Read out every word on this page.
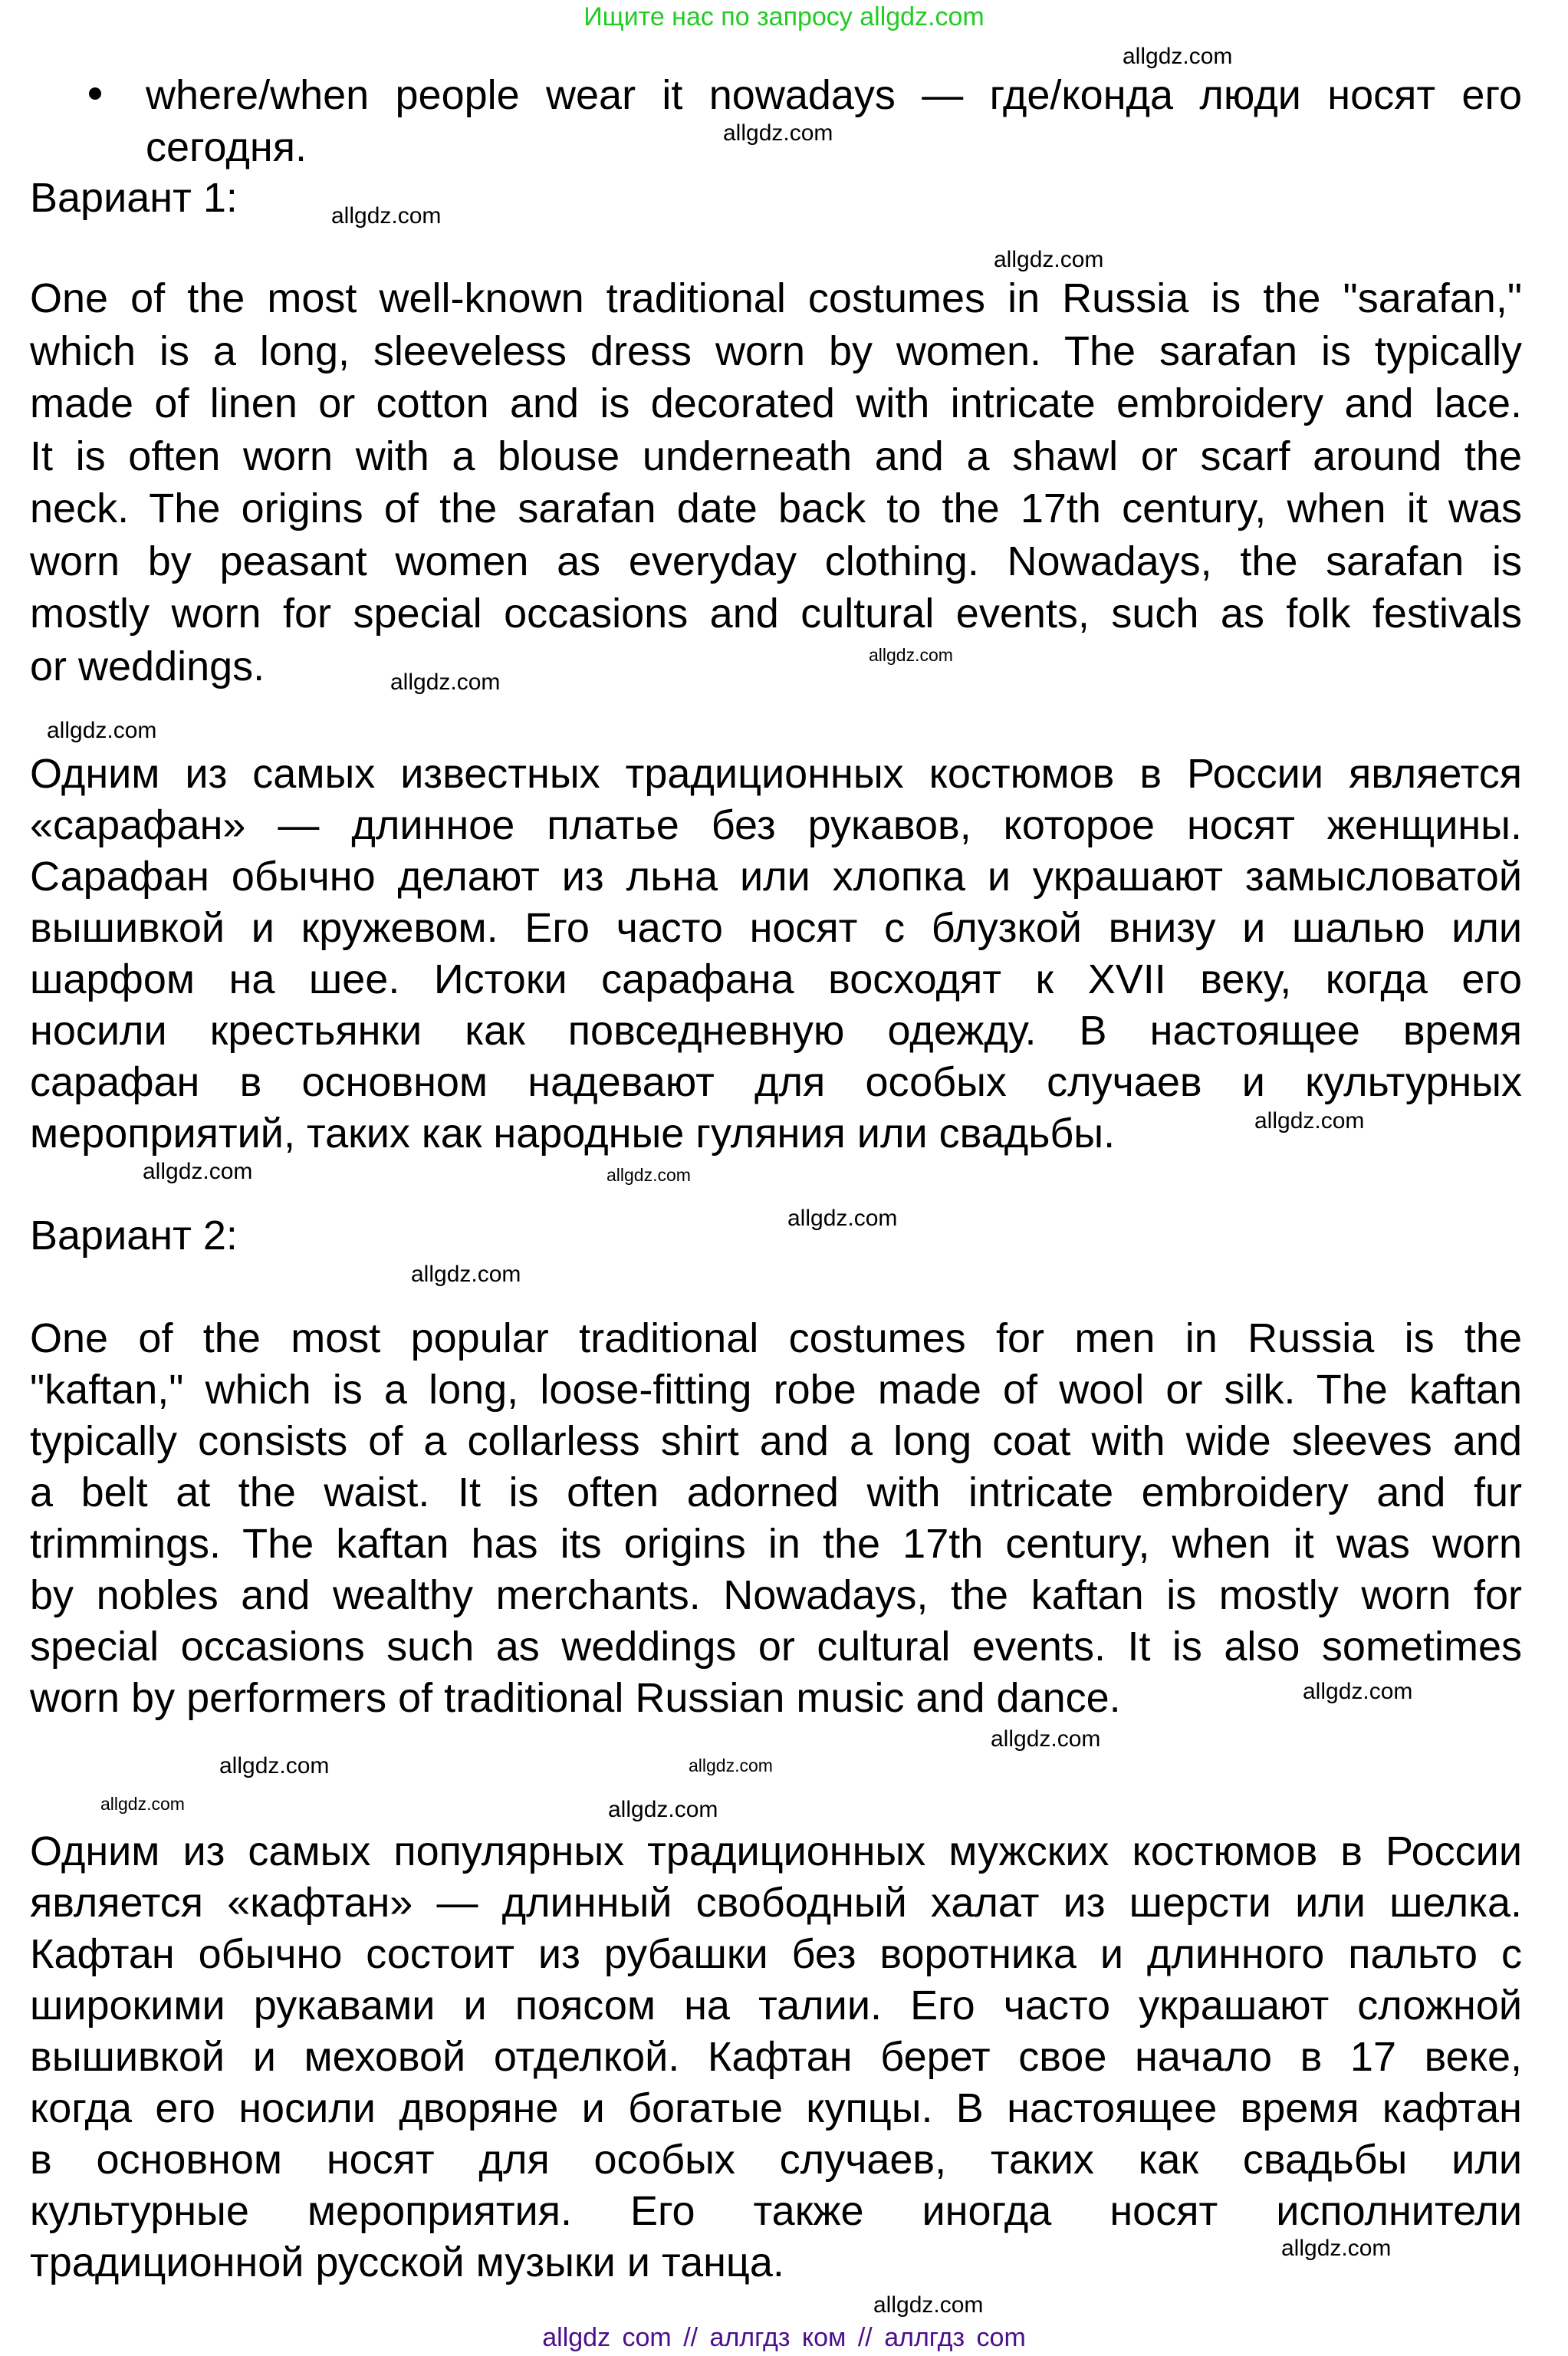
Ищите нас по запросу allgdz.com
where/when people wear it nowadays — где/конда люди носят его
сегодня.
Вариант 1:
One of the most well-known traditional costumes in Russia is the "sarafan,"
which is a long, sleeveless dress worn by women. The sarafan is typically
made of linen or cotton and is decorated with intricate embroidery and lace.
It is often worn with a blouse underneath and a shawl or scarf around the
neck. The origins of the sarafan date back to the 17th century, when it was
worn by peasant women as everyday clothing. Nowadays, the sarafan is
mostly worn for special occasions and cultural events, such as folk festivals
or weddings.
Одним из самых известных традиционных костюмов в России является
«сарафан» — длинное платье без рукавов, которое носят женщины.
Сарафан обычно делают из льна или хлопка и украшают замысловатой
вышивкой и кружевом. Его часто носят с блузкой внизу и шалью или
шарфом на шее. Истоки сарафана восходят к XVII веку, когда его
носили крестьянки как повседневную одежду. В настоящее время
сарафан в основном надевают для особых случаев и культурных
мероприятий, таких как народные гуляния или свадьбы.
Вариант 2:
One of the most popular traditional costumes for men in Russia is the
"kaftan," which is a long, loose-fitting robe made of wool or silk. The kaftan
typically consists of a collarless shirt and a long coat with wide sleeves and
a belt at the waist. It is often adorned with intricate embroidery and fur
trimmings. The kaftan has its origins in the 17th century, when it was worn
by nobles and wealthy merchants. Nowadays, the kaftan is mostly worn for
special occasions such as weddings or cultural events. It is also sometimes
worn by performers of traditional Russian music and dance.
Одним из самых популярных традиционных мужских костюмов в России
является «кафтан» — длинный свободный халат из шерсти или шелка.
Кафтан обычно состоит из рубашки без воротника и длинного пальто с
широкими рукавами и поясом на талии. Его часто украшают сложной
вышивкой и меховой отделкой. Кафтан берет свое начало в 17 веке,
когда его носили дворяне и богатые купцы. В настоящее время кафтан
в основном носят для особых случаев, таких как свадьбы или
культурные мероприятия. Его также иногда носят исполнители
традиционной русской музыки и танца.
allgdz.com
allgdz.com
allgdz.com
allgdz.com
allgdz.com
allgdz.com
allgdz.com
allgdz.com
allgdz.com
allgdz.com
allgdz.com
allgdz.com
allgdz.com
allgdz.com
allgdz.com
allgdz.com
allgdz.com
allgdz.com
allgdz.com
allgdz.com
allgdz com // аллгдз ком // аллгдз com
